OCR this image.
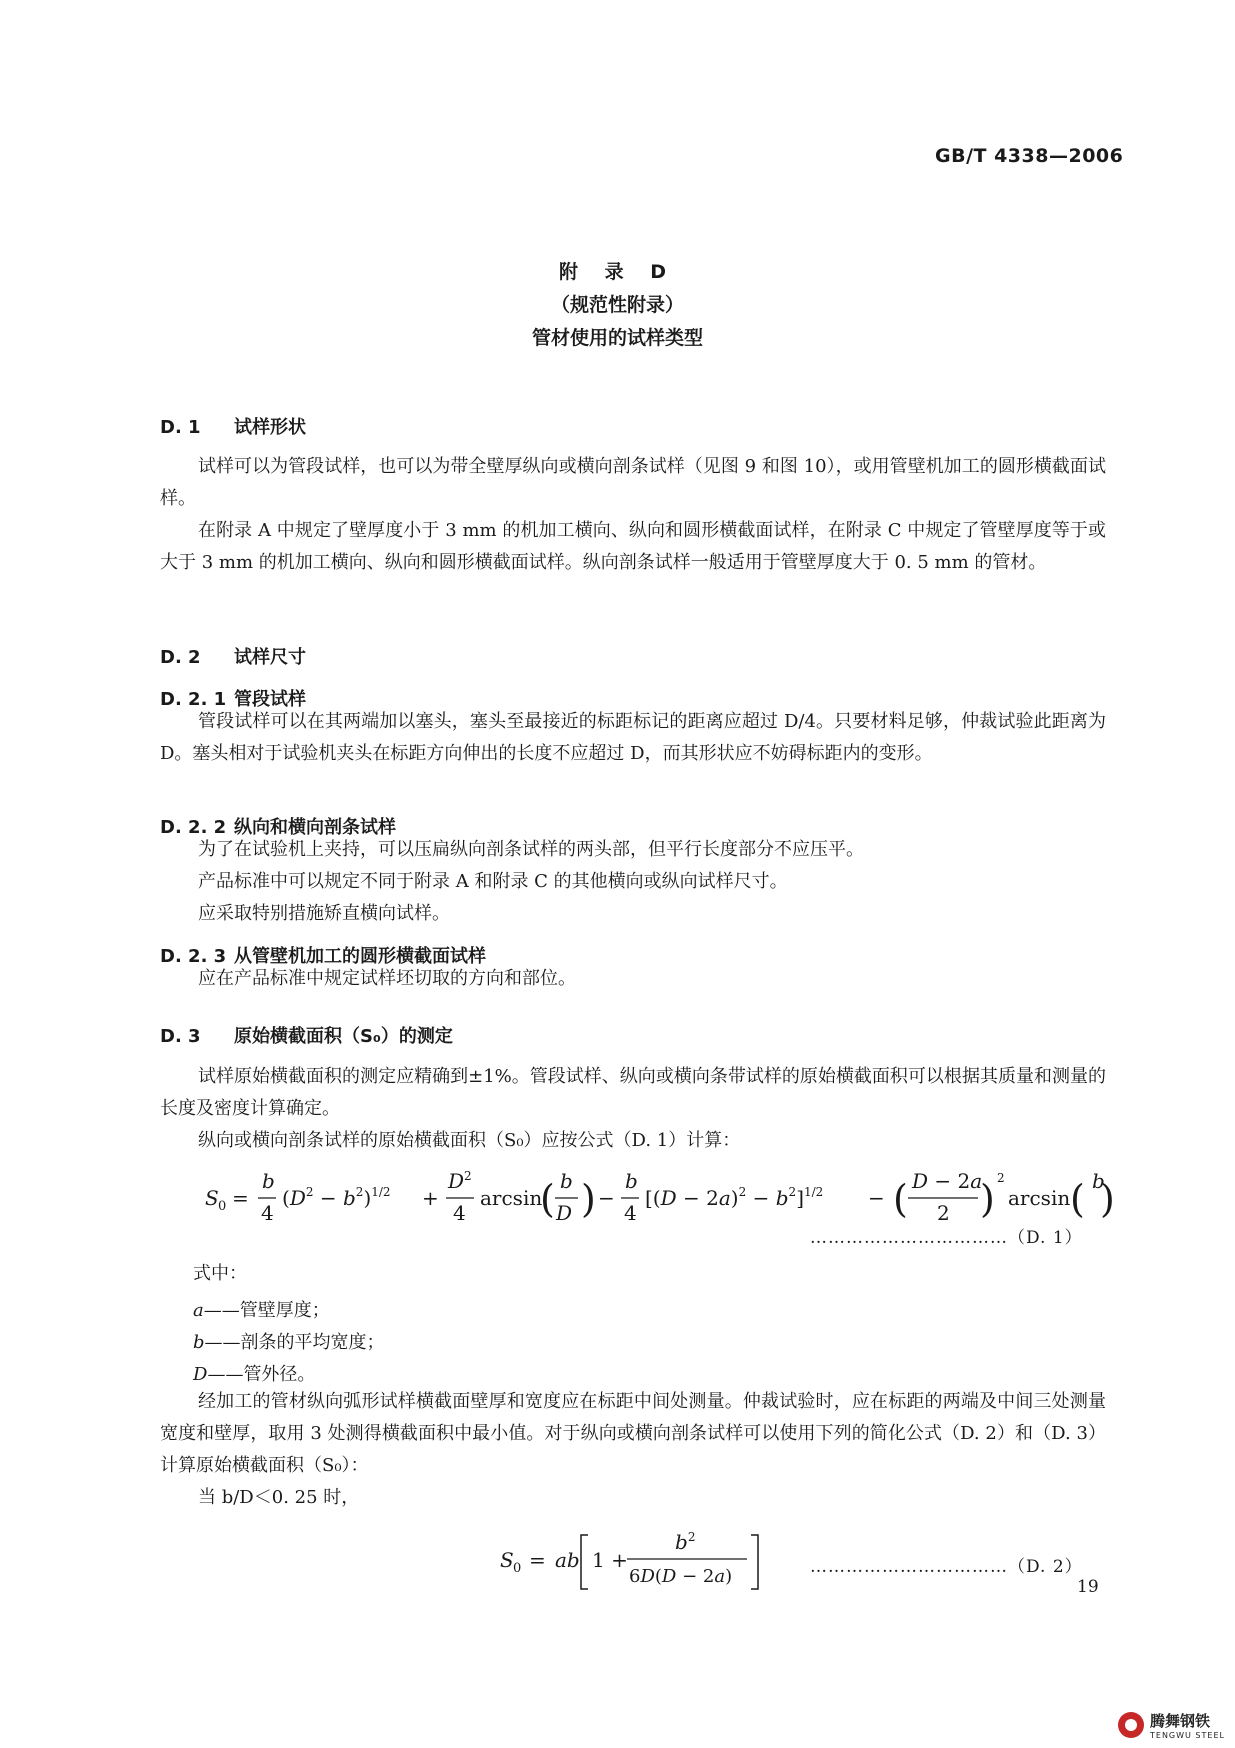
GB/T 4338—2006
附 录 D
（规范性附录）
管材使用的试样类型
D. 1 试样形状
试样可以为管段试样，也可以为带全壁厚纵向或横向剖条试样（见图 9 和图 10），或用管壁机加工的圆形横截面试样。
在附录 A 中规定了壁厚度小于 3 mm 的机加工横向、纵向和圆形横截面试样，在附录 C 中规定了管壁厚度等于或大于 3 mm 的机加工横向、纵向和圆形横截面试样。纵向剖条试样一般适用于管壁厚度大于 0. 5 mm 的管材。
D. 2 试样尺寸
D. 2. 1 管段试样
管段试样可以在其两端加以塞头，塞头至最接近的标距标记的距离应超过 D/4。只要材料足够，仲裁试验此距离为 D。塞头相对于试验机夹头在标距方向伸出的长度不应超过 D，而其形状应不妨碍标距内的变形。
D. 2. 2 纵向和横向剖条试样
为了在试验机上夹持，可以压扁纵向剖条试样的两头部，但平行长度部分不应压平。
产品标准中可以规定不同于附录 A 和附录 C 的其他横向或纵向试样尺寸。
应采取特别措施矫直横向试样。
D. 2. 3 从管壁机加工的圆形横截面试样
应在产品标准中规定试样坯切取的方向和部位。
D. 3 原始横截面积（S₀）的测定
试样原始横截面积的测定应精确到±1%。管段试样、纵向或横向条带试样的原始横截面积可以根据其质量和测量的长度及密度计算确定。
纵向或横向剖条试样的原始横截面积（S₀）应按公式（D. 1）计算：
S 0 =
b
4
$(D^2 - b^2)^{1/2}$ +
$D^2$
4
arcsin
( b
D ) −
b
4
$[(D - 2a)^2 - b^2]^{1/2}$ − ( D − 2a
2 ) 2
arcsin ( b
)
……………………………（D. 1）
式中：
a——管壁厚度；
b——剖条的平均宽度；
D——管外径。
经加工的管材纵向弧形试样横截面壁厚和宽度应在标距中间处测量。仲裁试验时，应在标距的两端及中间三处测量宽度和壁厚，取用 3 处测得横截面积中最小值。对于纵向或横向剖条试样可以使用下列的简化公式（D. 2）和（D. 3）计算原始横截面积（S₀）：
当 b/D＜0. 25 时，
S 0 = ab 1 +
$b^2$
6D(D − 2a)	……………………………（D. 2）
19
腾舞钢铁
TENGWU STEEL
